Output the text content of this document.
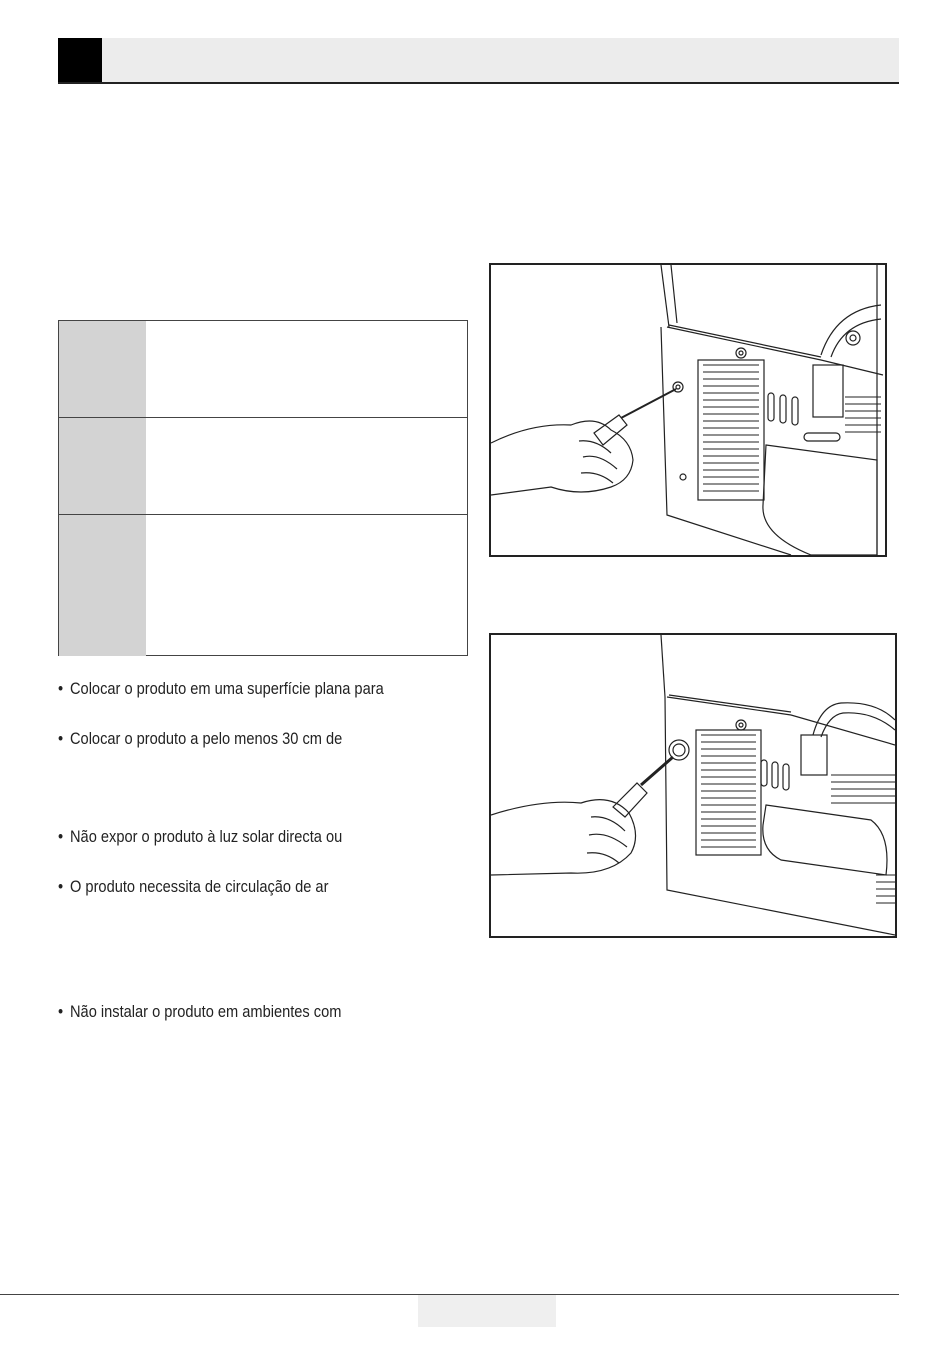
• Colocar o produto em uma superfície plana para
• Colocar o produto a pelo menos 30 cm de
• Não expor o produto à luz solar directa ou
• O produto necessita de circulação de ar
• Não instalar o produto em ambientes com
